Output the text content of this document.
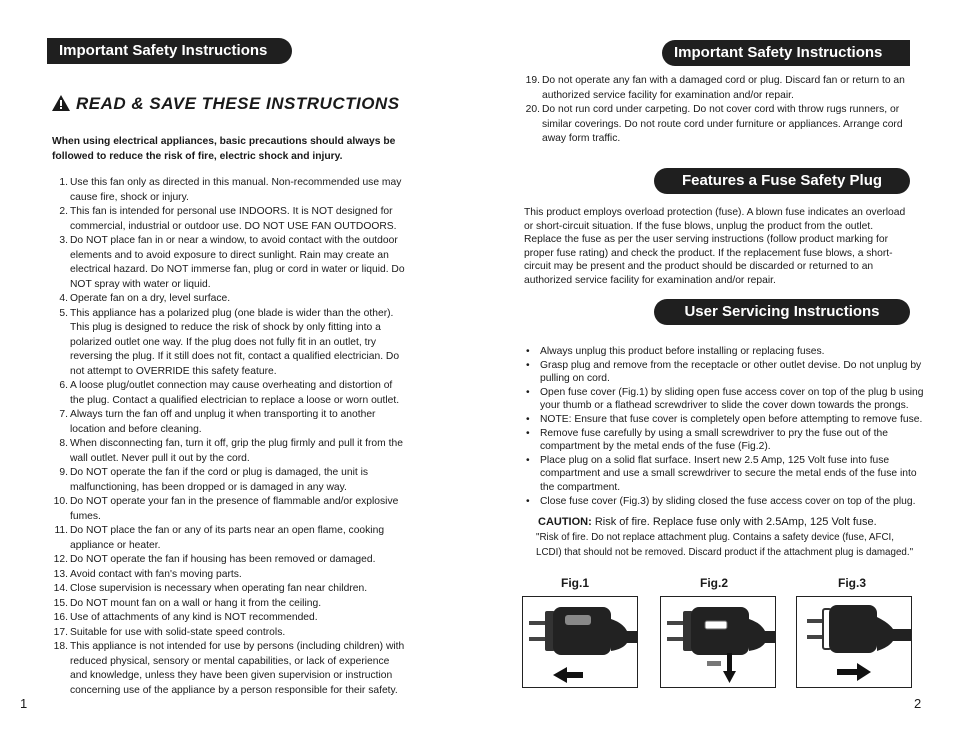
Important Safety Instructions
READ & SAVE THESE INSTRUCTIONS
When using electrical appliances, basic precautions should always be followed to reduce the risk of fire, electric shock and injury.
1. Use this fan only as directed in this manual. Non-recommended use may cause fire, shock or injury.
2. This fan is intended for personal use INDOORS. It is NOT designed for commercial, industrial or outdoor use. DO NOT USE FAN OUTDOORS.
3. Do NOT place fan in or near a window, to avoid contact with the outdoor elements and to avoid exposure to direct sunlight. Rain may create an electrical hazard. Do NOT immerse fan, plug or cord in water or liquid. Do NOT spray with water or liquid.
4. Operate fan on a dry, level surface.
5. This appliance has a polarized plug (one blade is wider than the other). This plug is designed to reduce the risk of shock by only fitting into a polarized outlet one way. If the plug does not fully fit in an outlet, try reversing the plug. If it still does not fit, contact a qualified electrician. Do not attempt to OVERRIDE this safety feature.
6. A loose plug/outlet connection may cause overheating and distortion of the plug. Contact a qualified electrician to replace a loose or worn outlet.
7. Always turn the fan off and unplug it when transporting it to another location and before cleaning.
8. When disconnecting fan, turn it off, grip the plug firmly and pull it from the wall outlet. Never pull it out by the cord.
9. Do NOT operate the fan if the cord or plug is damaged, the unit is malfunctioning, has been dropped or is damaged in any way.
10. Do NOT operate your fan in the presence of flammable and/or explosive fumes.
11. Do NOT place the fan or any of its parts near an open flame, cooking appliance or heater.
12. Do NOT operate the fan if housing has been removed or damaged.
13. Avoid contact with fan's moving parts.
14. Close supervision is necessary when operating fan near children.
15. Do NOT mount fan on a wall or hang it from the ceiling.
16. Use of attachments of any kind is NOT recommended.
17. Suitable for use with solid-state speed controls.
18. This appliance is not intended for use by persons (including children) with reduced physical, sensory or mental capabilities, or lack of experience and knowledge, unless they have been given supervision or instruction concerning use of the appliance by a person responsible for their safety.
1
Important Safety Instructions
19. Do not operate any fan with a damaged cord or plug. Discard fan or return to an authorized service facility for examination and/or repair.
20. Do not run cord under carpeting. Do not cover cord with throw rugs runners, or similar coverings. Do not route cord under furniture or appliances. Arrange cord away form traffic.
Features a Fuse Safety Plug
This product employs overload protection (fuse). A blown fuse indicates an overload or short-circuit situation. If the fuse blows, unplug the product from the outlet. Replace the fuse as per the user serving instructions (follow product marking for proper fuse rating) and check the product. If the replacement fuse blows, a short-circuit may be present and the product should be discarded or returned to an authorized service facility for examination and/or repair.
User Servicing Instructions
• Always unplug this product before installing or replacing fuses.
• Grasp plug and remove from the receptacle or other outlet devise. Do not unplug by pulling on cord.
• Open fuse cover (Fig.1) by sliding open fuse access cover on top of the plug b using your thumb or a flathead screwdriver to slide the cover down towards the prongs.
• NOTE: Ensure that fuse cover is completely open before attempting to remove fuse.
• Remove fuse carefully by using a small screwdriver to pry the fuse out of the compartment by the metal ends of the fuse (Fig.2).
• Place plug on a solid flat surface. Insert new 2.5 Amp, 125 Volt fuse into fuse compartment and use a small screwdriver to secure the metal ends of the fuse into the compartment.
• Close fuse cover (Fig.3) by sliding closed the fuse access cover on top of the plug.
CAUTION: Risk of fire. Replace fuse only with 2.5Amp, 125 Volt fuse.
"Risk of fire. Do not replace attachment plug. Contains a safety device (fuse, AFCI, LCDI) that should not be removed. Discard product if the attachment plug is damaged."
Fig.1	Fig.2	Fig.3
2
